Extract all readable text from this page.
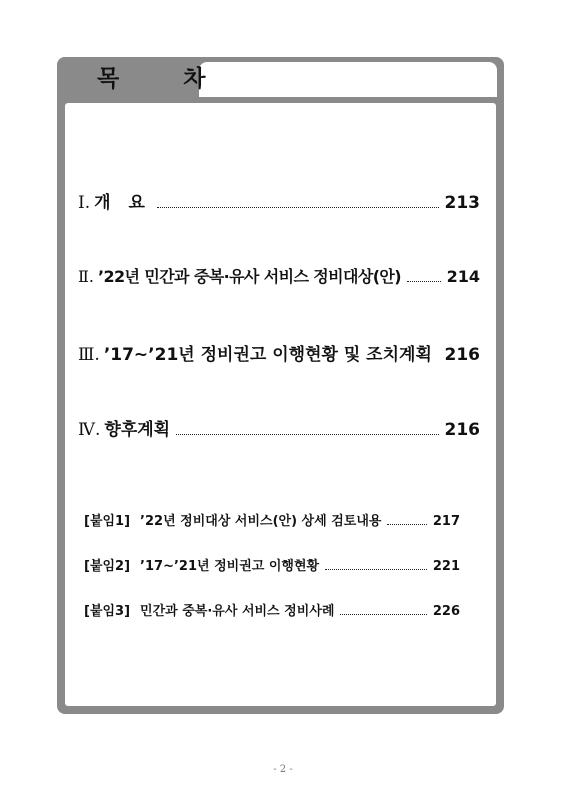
목 차
Ⅰ. 개 요	213
Ⅱ. ’22년 민간과 중복·유사 서비스 정비대상(안)	214
Ⅲ. ’17~’21년 정비권고 이행현황 및 조치계획 216
Ⅳ. 향후계획	216
[붙임1] ’22년 정비대상 서비스(안) 상세 검토내용	217
[붙임2] ’17~’21년 정비권고 이행현황	221
[붙임3] 민간과 중복·유사 서비스 정비사례	226
- 2 -
